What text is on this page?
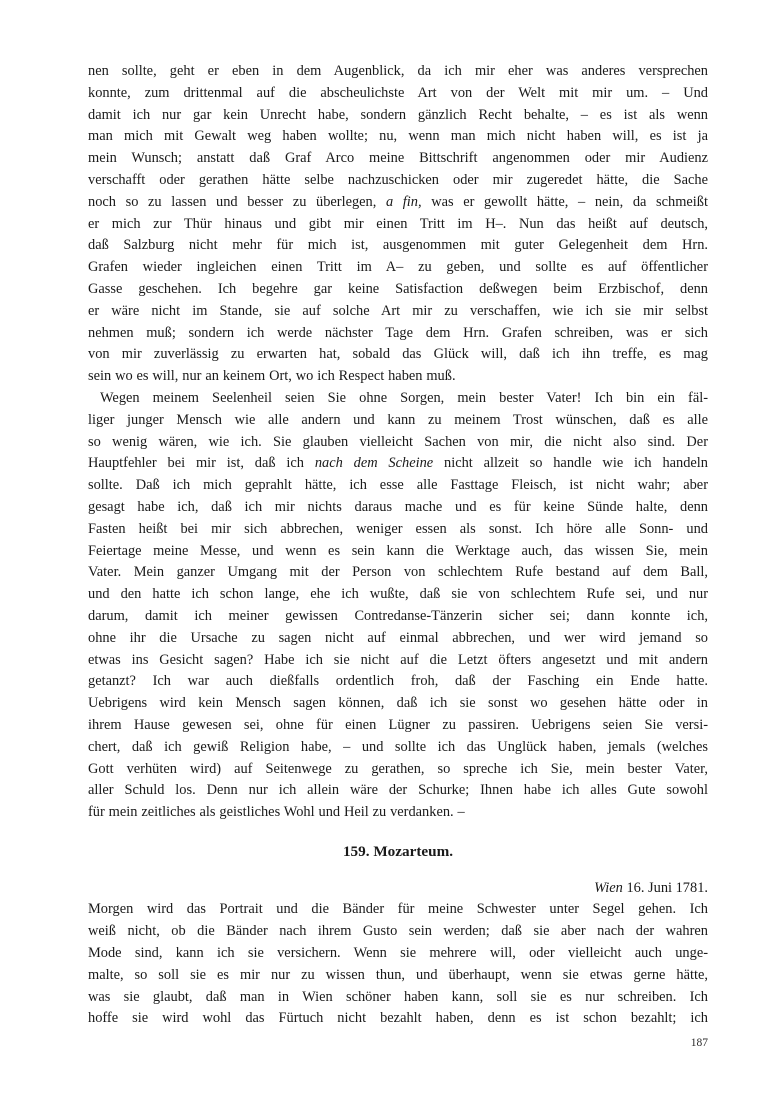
nen sollte, geht er eben in dem Augenblick, da ich mir eher was anderes versprechen
konnte, zum drittenmal auf die abscheulichste Art von der Welt mit mir um. – Und
damit ich nur gar kein Unrecht habe, sondern gänzlich Recht behalte, – es ist als wenn
man mich mit Gewalt weg haben wollte; nu, wenn man mich nicht haben will, es ist ja
mein Wunsch; anstatt daß Graf Arco meine Bittschrift angenommen oder mir Audienz
verschafft oder gerathen hätte selbe nachzuschicken oder mir zugeredet hätte, die Sache
noch so zu lassen und besser zu überlegen, a fin, was er gewollt hätte, – nein, da schmeißt
er mich zur Thür hinaus und gibt mir einen Tritt im H–. Nun das heißt auf deutsch,
daß Salzburg nicht mehr für mich ist, ausgenommen mit guter Gelegenheit dem Hrn.
Grafen wieder ingleichen einen Tritt im A– zu geben, und sollte es auf öffentlicher
Gasse geschehen. Ich begehre gar keine Satisfaction deßwegen beim Erzbischof, denn
er wäre nicht im Stande, sie auf solche Art mir zu verschaffen, wie ich sie mir selbst
nehmen muß; sondern ich werde nächster Tage dem Hrn. Grafen schreiben, was er sich
von mir zuverlässig zu erwarten hat, sobald das Glück will, daß ich ihn treffe, es mag
sein wo es will, nur an keinem Ort, wo ich Respect haben muß.
Wegen meinem Seelenheil seien Sie ohne Sorgen, mein bester Vater! Ich bin ein fäl-
liger junger Mensch wie alle andern und kann zu meinem Trost wünschen, daß es alle
so wenig wären, wie ich. Sie glauben vielleicht Sachen von mir, die nicht also sind. Der
Hauptfehler bei mir ist, daß ich nach dem Scheine nicht allzeit so handle wie ich handeln
sollte. Daß ich mich geprahlt hätte, ich esse alle Fasttage Fleisch, ist nicht wahr; aber
gesagt habe ich, daß ich mir nichts daraus mache und es für keine Sünde halte, denn
Fasten heißt bei mir sich abbrechen, weniger essen als sonst. Ich höre alle Sonn- und
Feiertage meine Messe, und wenn es sein kann die Werktage auch, das wissen Sie, mein
Vater. Mein ganzer Umgang mit der Person von schlechtem Rufe bestand auf dem Ball,
und den hatte ich schon lange, ehe ich wußte, daß sie von schlechtem Rufe sei, und nur
darum, damit ich meiner gewissen Contredanse-Tänzerin sicher sei; dann konnte ich,
ohne ihr die Ursache zu sagen nicht auf einmal abbrechen, und wer wird jemand so
etwas ins Gesicht sagen? Habe ich sie nicht auf die Letzt öfters angesetzt und mit andern
getanzt? Ich war auch dießfalls ordentlich froh, daß der Fasching ein Ende hatte.
Uebrigens wird kein Mensch sagen können, daß ich sie sonst wo gesehen hätte oder in
ihrem Hause gewesen sei, ohne für einen Lügner zu passiren. Uebrigens seien Sie versi-
chert, daß ich gewiß Religion habe, – und sollte ich das Unglück haben, jemals (welches
Gott verhüten wird) auf Seitenwege zu gerathen, so spreche ich Sie, mein bester Vater,
aller Schuld los. Denn nur ich allein wäre der Schurke; Ihnen habe ich alles Gute sowohl
für mein zeitliches als geistliches Wohl und Heil zu verdanken. –
159. Mozarteum.
Wien 16. Juni 1781.
Morgen wird das Portrait und die Bänder für meine Schwester unter Segel gehen. Ich
weiß nicht, ob die Bänder nach ihrem Gusto sein werden; daß sie aber nach der wahren
Mode sind, kann ich sie versichern. Wenn sie mehrere will, oder vielleicht auch unge-
malte, so soll sie es mir nur zu wissen thun, und überhaupt, wenn sie etwas gerne hätte,
was sie glaubt, daß man in Wien schöner haben kann, soll sie es nur schreiben. Ich
hoffe sie wird wohl das Fürtuch nicht bezahlt haben, denn es ist schon bezahlt; ich
187
